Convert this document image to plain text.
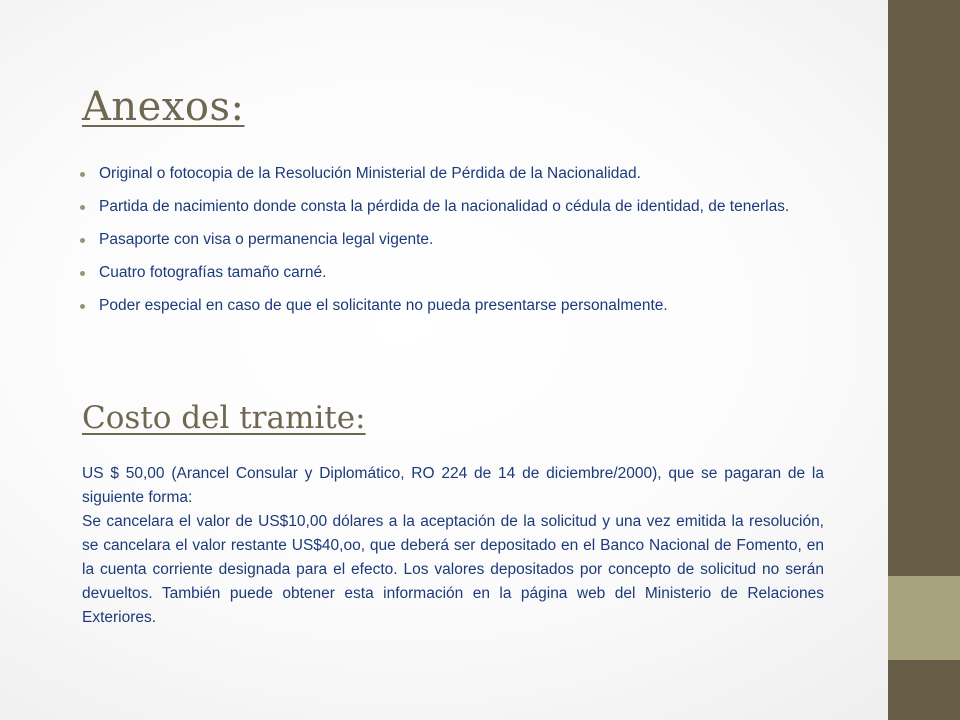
Anexos:
Original o fotocopia de la Resolución Ministerial de Pérdida de la Nacionalidad.
Partida de nacimiento donde consta la pérdida de la nacionalidad o cédula de identidad, de tenerlas.
Pasaporte con visa o permanencia legal vigente.
Cuatro fotografías tamaño carné.
Poder especial en caso de que el solicitante no pueda presentarse personalmente.
Costo del tramite:

US $ 50,00 (Arancel Consular y Diplomático, RO 224 de 14 de diciembre/2000), que se pagaran de la siguiente forma:

Se cancelara el valor de US$10,00 dólares a la aceptación de la solicitud y una vez emitida la resolución, se cancelara el valor restante US$40,oo, que deberá ser depositado en el Banco Nacional de Fomento, en la cuenta corriente designada para el efecto. Los valores depositados por concepto de solicitud no serán devueltos. También puede obtener esta información en la página web del Ministerio de Relaciones Exteriores.
